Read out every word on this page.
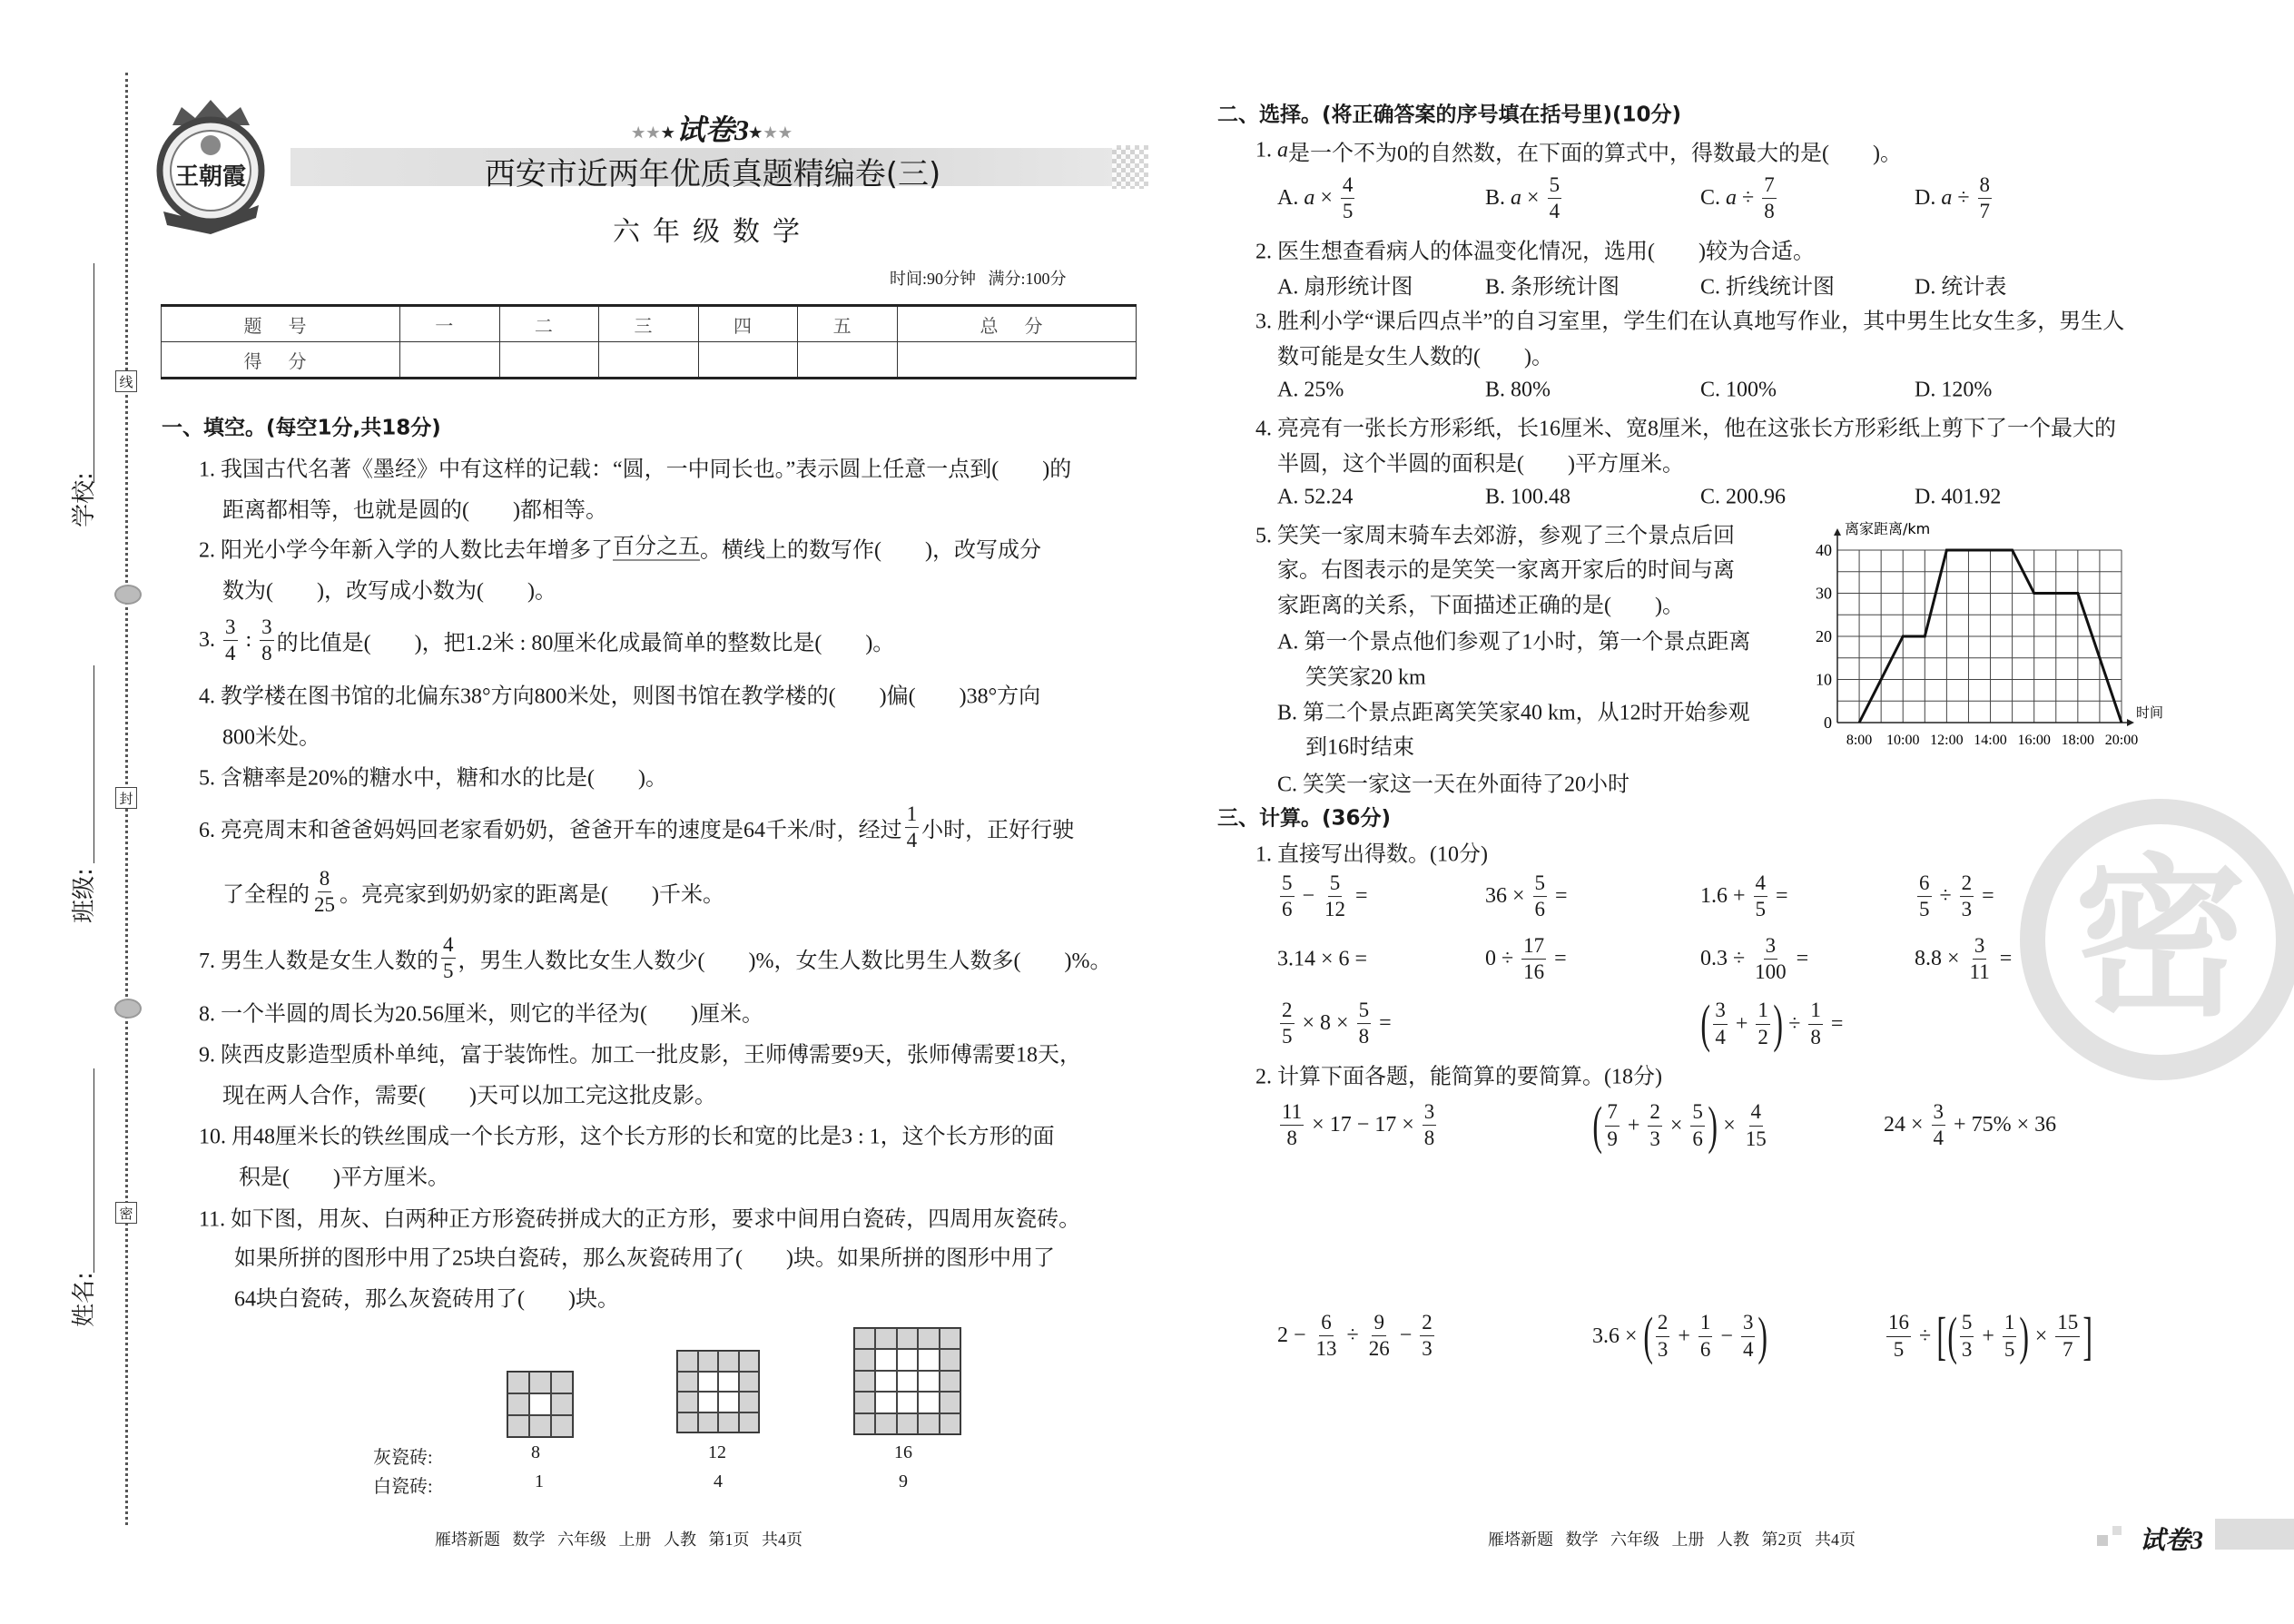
线
封
密
学校:
班级:
姓名:
王朝霞
★★★试卷3★★★
西安市近两年优质真题精编卷(三)
六年级数学
时间:90分钟   满分:100分
题 号	一	二	三	四	五	总 分
得 分						
一、填空。(每空1分,共18分)
二、选择。(将正确答案的序号填在括号里)(10分)
三、计算。(36分)
1. 我国古代名著《墨经》中有这样的记载：“圆，一中同长也。”表示圆上任意一点到(　　)的
距离都相等，也就是圆的(　　)都相等。
2. 阳光小学今年新入学的人数比去年增多了 百分之五 。横线上的数写作(　　)，改写成分
数为(　　)，改写成小数为(　　)。
3. $\frac{3}{4}$ : $\frac{3}{8}$ 的比值是(　　)，把1.2米 : 80厘米化成最简单的整数比是(　　)。
4. 教学楼在图书馆的北偏东38°方向800米处，则图书馆在教学楼的(　　)偏(　　)38°方向
800米处。
5. 含糖率是20%的糖水中，糖和水的比是(　　)。
6. 亮亮周末和爸爸妈妈回老家看奶奶，爸爸开车的速度是64千米/时，经过 $\frac{1}{4}$ 小时，正好行驶
了全程的 $\frac{8}{25}$ 。亮亮家到奶奶家的距离是(　　)千米。
7. 男生人数是女生人数的 $\frac{4}{5}$ ，男生人数比女生人数少(　　)%，女生人数比男生人数多(　　)%。
8. 一个半圆的周长为20.56厘米，则它的半径为(　　)厘米。
9. 陕西皮影造型质朴单纯，富于装饰性。加工一批皮影，王师傅需要9天，张师傅需要18天，
现在两人合作，需要(　　)天可以加工完这批皮影。
10. 用48厘米长的铁丝围成一个长方形，这个长方形的长和宽的比是3 : 1，这个长方形的面
积是(　　)平方厘米。
11. 如下图，用灰、白两种正方形瓷砖拼成大的正方形，要求中间用白瓷砖，四周用灰瓷砖。
如果所拼的图形中用了25块白瓷砖，那么灰瓷砖用了(　　)块。如果所拼的图形中用了
64块白瓷砖，那么灰瓷砖用了(　　)块。
1. a 是一个不为0的自然数，在下面的算式中，得数最大的是(　　)。
A. $a \times \frac{4}{5}$	B. $a \times \frac{5}{4}$	C. $a \div \frac{7}{8}$	D. $a \div \frac{8}{7}$
2. 医生想查看病人的体温变化情况，选用(　　)较为合适。
A. 扇形统计图	B. 条形统计图	C. 折线统计图	D. 统计表
3. 胜利小学“课后四点半”的自习室里，学生们在认真地写作业，其中男生比女生多，男生人
数可能是女生人数的(　　)。
A. 25%	B. 80%	C. 100%	D. 120%
4. 亮亮有一张长方形彩纸，长16厘米、宽8厘米，他在这张长方形彩纸上剪下了一个最大的
半圆，这个半圆的面积是(　　)平方厘米。
A. 52.24	B. 100.48	C. 200.96	D. 401.92
5. 笑笑一家周末骑车去郊游，参观了三个景点后回
家。右图表示的是笑笑一家离开家后的时间与离
家距离的关系，下面描述正确的是(　　)。
A. 第一个景点他们参观了1小时，第一个景点距离
笑笑家20 km
B. 第二个景点距离笑笑家40 km，从12时开始参观
到16时结束
C. 笑笑一家这一天在外面待了20小时
1. 直接写出得数。(10分)
$\frac{5}{6} - \frac{5}{12}$ =	$36 \times \frac{5}{6}$ =	$1.6 + \frac{4}{5}$ =	$\frac{6}{5} \div \frac{2}{3}$ =
3.14 × 6 =	$0 \div \frac{17}{16}$ =	$0.3 \div \frac{3}{100}$ =	$8.8 \times \frac{3}{11}$ =
$\frac{2}{5} \times 8 \times \frac{5}{8}$ =	( $\frac{3}{4} + \frac{1}{2}$ ) ÷ $\frac{1}{8}$ =
2. 计算下面各题，能简算的要简算。(18分)
$\frac{11}{8} \times 17 - 17 \times \frac{3}{8}$	( $\frac{7}{9} + \frac{2}{3} \times \frac{5}{6}$ ) × $\frac{4}{15}$	$24 \times \frac{3}{4} + 75\% \times 36$
$2 - \frac{6}{13} \div \frac{9}{26} - \frac{2}{3}$	3.6 × ( $\frac{2}{3} + \frac{1}{6} - \frac{3}{4}$ )	$\frac{16}{5}$ ÷ [ ( $\frac{5}{3} + \frac{1}{5}$ ) × $\frac{15}{7}$ ]
灰瓷砖:
白瓷砖:
8	12	16
1	4	9
密
离家距离/km
时间
0
10
20
30
40
8:00 10:00 12:00 14:00 16:00 18:00 20:00
雁塔新题   数学   六年级   上册   人教   第1页   共4页	雁塔新题   数学   六年级   上册   人教   第2页   共4页	试卷3
